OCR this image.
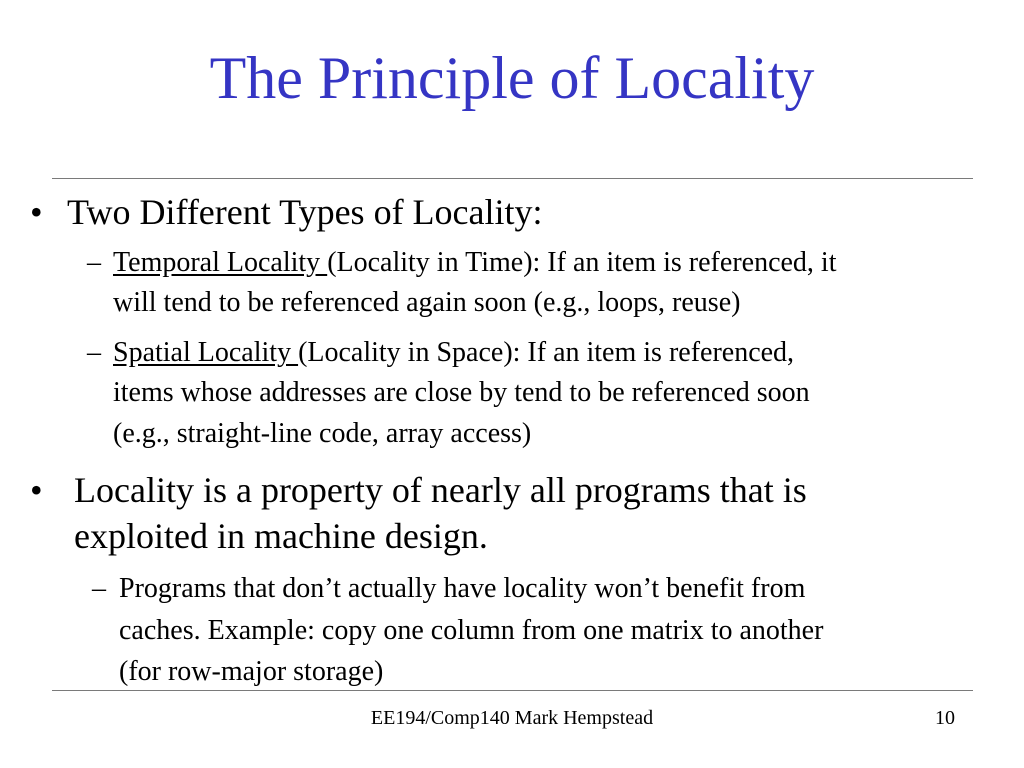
The Principle of Locality
• Two Different Types of Locality:
– Temporal Locality (Locality in Time): If an item is referenced, it
will tend to be referenced again soon (e.g., loops, reuse)
– Spatial Locality (Locality in Space): If an item is referenced,
items whose addresses are close by tend to be referenced soon
(e.g., straight-line code, array access)
• Locality is a property of nearly all programs that is
exploited in machine design.
– Programs that don’t actually have locality won’t benefit from
caches. Example: copy one column from one matrix to another
(for row-major storage)
EE194/Comp140 Mark Hempstead	10
